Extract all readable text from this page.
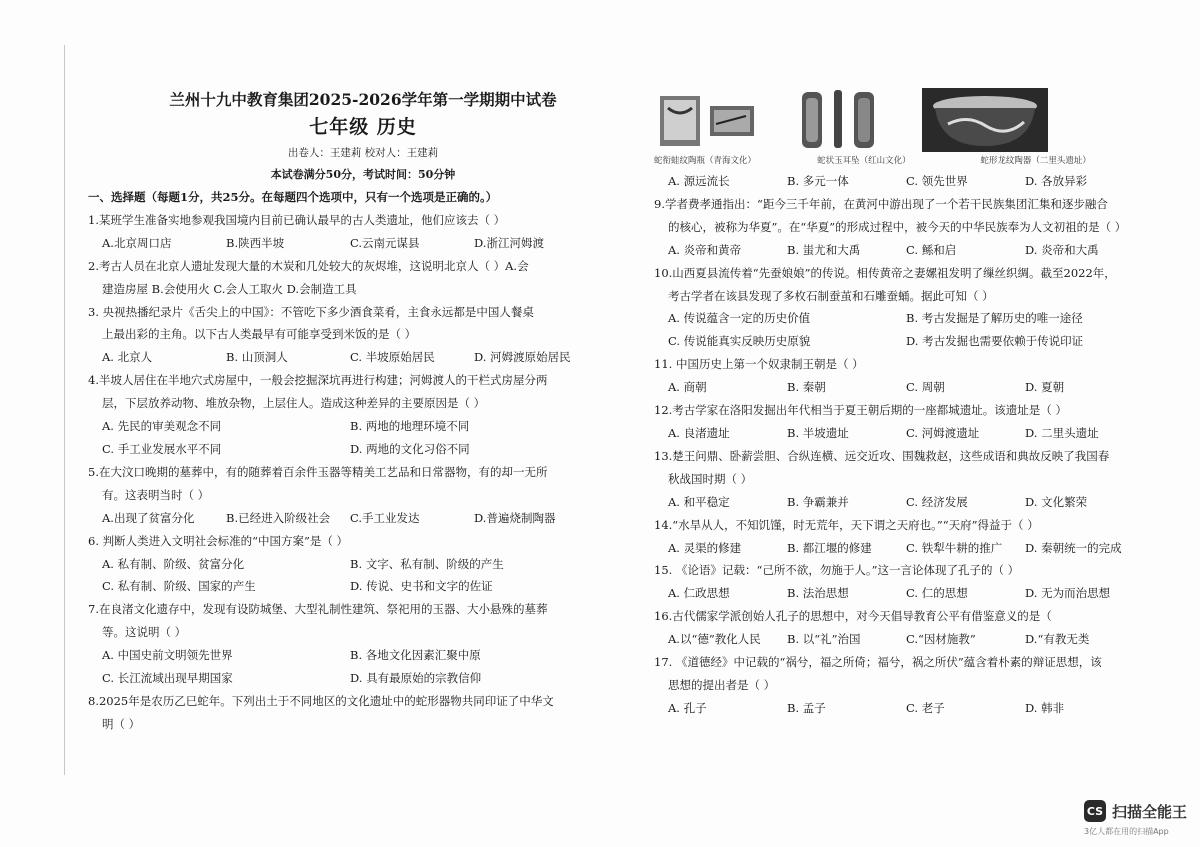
兰州十九中教育集团2025-2026学年第一学期期中试卷
七年级 历史
出卷人：王建莉 校对人：王建莉
本试卷满分50分，考试时间：50分钟
一、选择题（每题1分，共25分。在每题四个选项中，只有一个选项是正确的。）
1.某班学生准备实地参观我国境内目前已确认最早的古人类遗址，他们应该去（ ）
A.北京周口店	B.陕西半坡	C.云南元谋县	D.浙江河姆渡
2.考古人员在北京人遗址发现大量的木炭和几处较大的灰烬堆，这说明北京人（ ）A.会
建造房屋 B.会使用火 C.会人工取火 D.会制造工具
3. 央视热播纪录片《舌尖上的中国》：不管吃下多少酒食菜肴，主食永远都是中国人餐桌
上最出彩的主角。以下古人类最早有可能享受到米饭的是（ ）
A. 北京人	B. 山顶洞人	C. 半坡原始居民	D. 河姆渡原始居民
4.半坡人居住在半地穴式房屋中，一般会挖掘深坑再进行构建；河姆渡人的干栏式房屋分两
层，下层放养动物、堆放杂物，上层住人。造成这种差异的主要原因是（ ）
A. 先民的审美观念不同	B. 两地的地理环境不同
C. 手工业发展水平不同	D. 两地的文化习俗不同
5.在大汶口晚期的墓葬中，有的随葬着百余件玉器等精美工艺品和日常器物，有的却一无所
有。这表明当时（ ）
A.出现了贫富分化	B.已经进入阶级社会	C.手工业发达	D.普遍烧制陶器
6. 判断人类进入文明社会标准的“中国方案”是（ ）
A. 私有制、阶级、贫富分化	B. 文字、私有制、阶级的产生
C. 私有制、阶级、国家的产生	D. 传说、史书和文字的佐证
7.在良渚文化遗存中，发现有设防城堡、大型礼制性建筑、祭祀用的玉器、大小悬殊的墓葬
等。这说明（ ）
A. 中国史前文明领先世界	B. 各地文化因素汇聚中原
C. 长江流域出现早期国家	D. 具有最原始的宗教信仰
8.2025年是农历乙巳蛇年。下列出土于不同地区的文化遗址中的蛇形器物共同印证了中华文
明（ ）
蛇衔蛙纹陶瓶（青海文化）	蛇状玉耳坠（红山文化）	蛇形龙纹陶器（二里头遗址）
A. 源远流长	B. 多元一体	C. 领先世界	D. 各放异彩
9.学者费孝通指出：“距今三千年前，在黄河中游出现了一个若干民族集团汇集和逐步融合
的核心，被称为华夏”。在“华夏”的形成过程中，被今天的中华民族奉为人文初祖的是（ ）
A. 炎帝和黄帝	B. 蚩尤和大禹	C. 鲧和启	D. 炎帝和大禹
10.山西夏县流传着“先蚕娘娘”的传说。相传黄帝之妻嫘祖发明了缫丝织绸。截至2022年，
考古学者在该县发现了多枚石制蚕茧和石雕蚕蛹。据此可知（ ）
A. 传说蕴含一定的历史价值	B. 考古发掘是了解历史的唯一途径
C. 传说能真实反映历史原貌	D. 考古发掘也需要依赖于传说印证
11. 中国历史上第一个奴隶制王朝是（ ）
A. 商朝	B. 秦朝	C. 周朝	D. 夏朝
12.考古学家在洛阳发掘出年代相当于夏王朝后期的一座都城遗址。该遗址是（ ）
A. 良渚遗址	B. 半坡遗址	C. 河姆渡遗址	D. 二里头遗址
13.楚王问鼎、卧薪尝胆、合纵连横、远交近攻、围魏救赵，这些成语和典故反映了我国春
秋战国时期（ ）
A. 和平稳定	B. 争霸兼并	C. 经济发展	D. 文化繁荣
14.“水旱从人，不知饥馑，时无荒年，天下谓之天府也。”“天府”得益于（ ）
A. 灵渠的修建	B. 都江堰的修建	C. 铁犁牛耕的推广	D. 秦朝统一的完成
15. 《论语》记载：“己所不欲，勿施于人。”这一言论体现了孔子的（ ）
A. 仁政思想	B. 法治思想	C. 仁的思想	D. 无为而治思想
16.古代儒家学派创始人孔子的思想中，对今天倡导教育公平有借鉴意义的是（
A.以“德”教化人民	B. 以“礼”治国	C.“因材施教”	D.“有教无类
17. 《道德经》中记载的“祸兮，福之所倚；福兮，祸之所伏”蕴含着朴素的辩证思想，该
思想的提出者是（ ）
A. 孔子	B. 孟子	C. 老子	D. 韩非
CS 扫描全能王
3亿人都在用的扫描App
